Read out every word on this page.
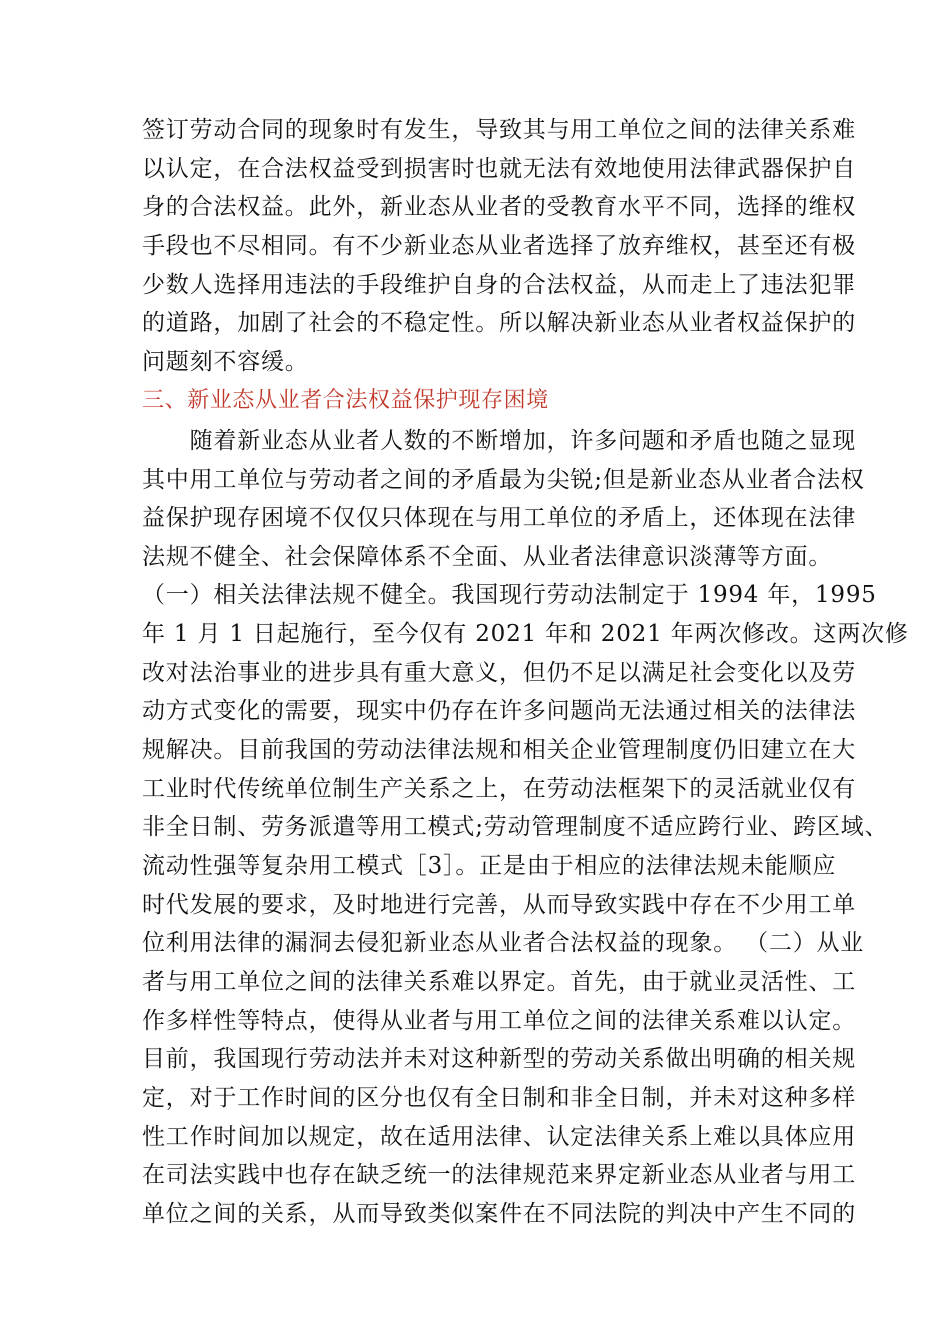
签订劳动合同的现象时有发生，导致其与用工单位之间的法律关系难

以认定，在合法权益受到损害时也就无法有效地使用法律武器保护自

身的合法权益。此外，新业态从业者的受教育水平不同，选择的维权

手段也不尽相同。有不少新业态从业者选择了放弃维权，甚至还有极

少数人选择用违法的手段维护自身的合法权益，从而走上了违法犯罪

的道路，加剧了社会的不稳定性。所以解决新业态从业者权益保护的

问题刻不容缓。

三、新业态从业者合法权益保护现存困境

　　随着新业态从业者人数的不断增加，许多问题和矛盾也随之显现

其中用工单位与劳动者之间的矛盾最为尖锐;但是新业态从业者合法权

益保护现存困境不仅仅只体现在与用工单位的矛盾上，还体现在法律

法规不健全、社会保障体系不全面、从业者法律意识淡薄等方面。

（一）相关法律法规不健全。我国现行劳动法制定于 1994 年，1995

年 1 月 1 日起施行，至今仅有 2021 年和 2021 年两次修改。这两次修

改对法治事业的进步具有重大意义，但仍不足以满足社会变化以及劳

动方式变化的需要，现实中仍存在许多问题尚无法通过相关的法律法

规解决。目前我国的劳动法律法规和相关企业管理制度仍旧建立在大

工业时代传统单位制生产关系之上，在劳动法框架下的灵活就业仅有

非全日制、劳务派遣等用工模式;劳动管理制度不适应跨行业、跨区域、

流动性强等复杂用工模式［3］。正是由于相应的法律法规未能顺应

时代发展的要求，及时地进行完善，从而导致实践中存在不少用工单

位利用法律的漏洞去侵犯新业态从业者合法权益的现象。 （二）从业

者与用工单位之间的法律关系难以界定。首先，由于就业灵活性、工

作多样性等特点，使得从业者与用工单位之间的法律关系难以认定。

目前，我国现行劳动法并未对这种新型的劳动关系做出明确的相关规

定，对于工作时间的区分也仅有全日制和非全日制，并未对这种多样

性工作时间加以规定，故在适用法律、认定法律关系上难以具体应用

在司法实践中也存在缺乏统一的法律规范来界定新业态从业者与用工

单位之间的关系，从而导致类似案件在不同法院的判决中产生不同的
